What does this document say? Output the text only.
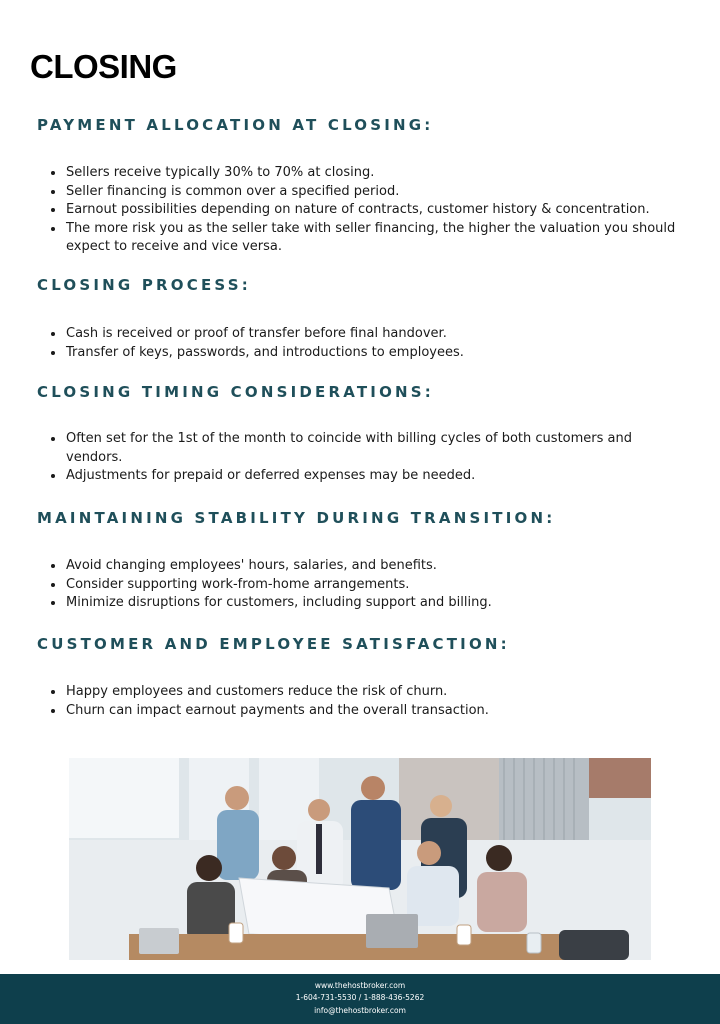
CLOSING
PAYMENT ALLOCATION AT CLOSING:
Sellers receive typically 30% to 70% at closing.
Seller financing is common over a specified period.
Earnout possibilities depending on nature of contracts, customer history & concentration.
The more risk you as the seller take with seller financing, the higher the valuation you should expect to receive and vice versa.
CLOSING PROCESS:
Cash is received or proof of transfer before final handover.
Transfer of keys, passwords, and introductions to employees.
CLOSING TIMING CONSIDERATIONS:
Often set for the 1st of the month to coincide with billing cycles of both customers and vendors.
Adjustments for prepaid or deferred expenses may be needed.
MAINTAINING STABILITY DURING TRANSITION:
Avoid changing employees' hours, salaries, and benefits.
Consider supporting work-from-home arrangements.
Minimize disruptions for customers, including support and billing.
CUSTOMER AND EMPLOYEE SATISFACTION:
Happy employees and customers reduce the risk of churn.
Churn can impact earnout payments and the overall transaction.
www.thehostbroker.com
1-604-731-5530 / 1-888-436-5262
info@thehostbroker.com
